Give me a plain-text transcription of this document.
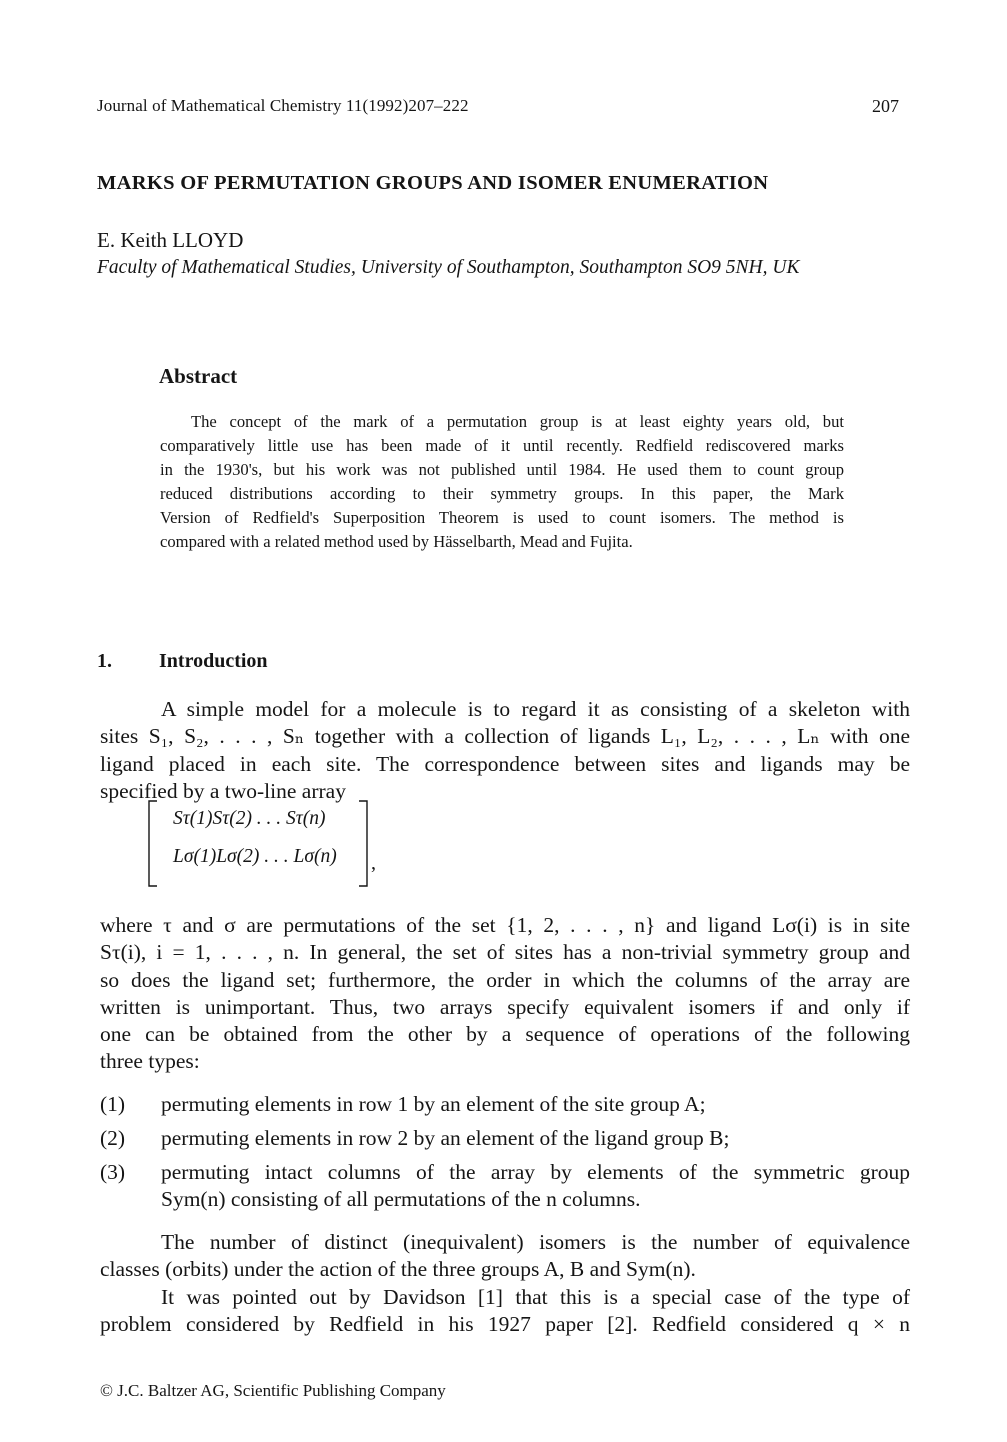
Journal of Mathematical Chemistry 11(1992)207–222	207
MARKS OF PERMUTATION GROUPS AND ISOMER ENUMERATION
E. Keith LLOYD
Faculty of Mathematical Studies, University of Southampton, Southampton SO9 5NH, UK
Abstract
The concept of the mark of a permutation group is at least eighty years old, but
comparatively little use has been made of it until recently. Redfield rediscovered marks
in the 1930's, but his work was not published until 1984. He used them to count group
reduced distributions according to their symmetry groups. In this paper, the Mark
Version of Redfield's Superposition Theorem is used to count isomers. The method is
compared with a related method used by Hässelbarth, Mead and Fujita.
1. Introduction
A simple model for a molecule is to regard it as consisting of a skeleton with
sites S₁, S₂, . . . , Sₙ together with a collection of ligands L₁, L₂, . . . , Lₙ with one
ligand placed in each site. The correspondence between sites and ligands may be
specified by a two-line array
Sτ(1)Sτ(2) . . . Sτ(n)
Lσ(1)Lσ(2) . . . Lσ(n) ,
where τ and σ are permutations of the set {1, 2, . . . , n} and ligand Lσ(i) is in site
Sτ(i), i = 1, . . . , n. In general, the set of sites has a non-trivial symmetry group and
so does the ligand set; furthermore, the order in which the columns of the array are
written is unimportant. Thus, two arrays specify equivalent isomers if and only if
one can be obtained from the other by a sequence of operations of the following
three types:
(1) permuting elements in row 1 by an element of the site group A;
(2) permuting elements in row 2 by an element of the ligand group B;
(3) permuting intact columns of the array by elements of the symmetric group
Sym(n) consisting of all permutations of the n columns.
The number of distinct (inequivalent) isomers is the number of equivalence
classes (orbits) under the action of the three groups A, B and Sym(n).
It was pointed out by Davidson [1] that this is a special case of the type of
problem considered by Redfield in his 1927 paper [2]. Redfield considered q × n
© J.C. Baltzer AG, Scientific Publishing Company
